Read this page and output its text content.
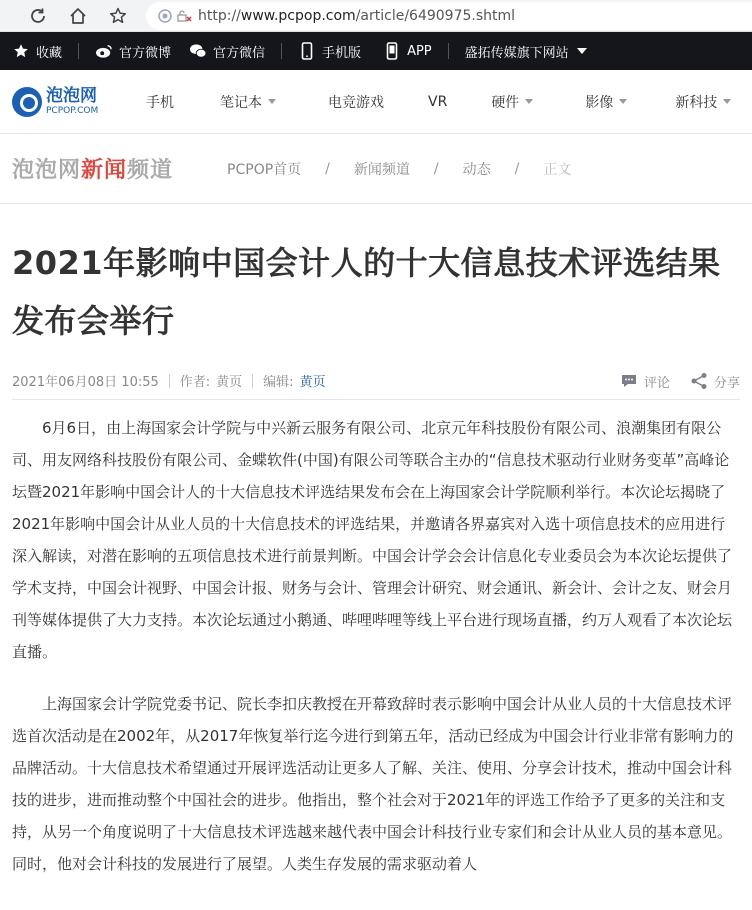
http:// www.pcpop.com /article/6490975.shtml
收藏	官方微博	官方微信	手机版	APP	盛拓传媒旗下网站
泡泡网
PCPOP.COM	手机	笔记本	电竞游戏	VR	硬件	影像	新科技
泡泡网新闻频道	PCPOP首页 / 新闻频道 / 动态 / 正文
2021年影响中国会计人的十大信息技术评选结果发布会举行
2021年06月08日 10:55 作者: 黄页 编辑: 黄页	评论	分享

6月6日，由上海国家会计学院与中兴新云服务有限公司、北京元年科技股份有限公司、浪潮集团有限公司、用友网络科技股份有限公司、金蝶软件(中国)有限公司等联合主办的“信息技术驱动行业财务变革”高峰论坛暨2021年影响中国会计人的十大信息技术评选结果发布会在上海国家会计学院顺利举行。本次论坛揭晓了2021年影响中国会计从业人员的十大信息技术的评选结果，并邀请各界嘉宾对入选十项信息技术的应用进行深入解读，对潜在影响的五项信息技术进行前景判断。中国会计学会会计信息化专业委员会为本次论坛提供了学术支持，中国会计视野、中国会计报、财务与会计、管理会计研究、财会通讯、新会计、会计之友、财会月刊等媒体提供了大力支持。本次论坛通过小鹅通、哔哩哔哩等线上平台进行现场直播，约万人观看了本次论坛直播。

上海国家会计学院党委书记、院长李扣庆教授在开幕致辞时表示影响中国会计从业人员的十大信息技术评选首次活动是在2002年，从2017年恢复举行迄今进行到第五年，活动已经成为中国会计行业非常有影响力的品牌活动。十大信息技术希望通过开展评选活动让更多人了解、关注、使用、分享会计技术，推动中国会计科技的进步，进而推动整个中国社会的进步。他指出，整个社会对于2021年的评选工作给予了更多的关注和支持，从另一个角度说明了十大信息技术评选越来越代表中国会计科技行业专家们和会计从业人员的基本意见。同时，他对会计科技的发展进行了展望。人类生存发展的需求驱动着人
